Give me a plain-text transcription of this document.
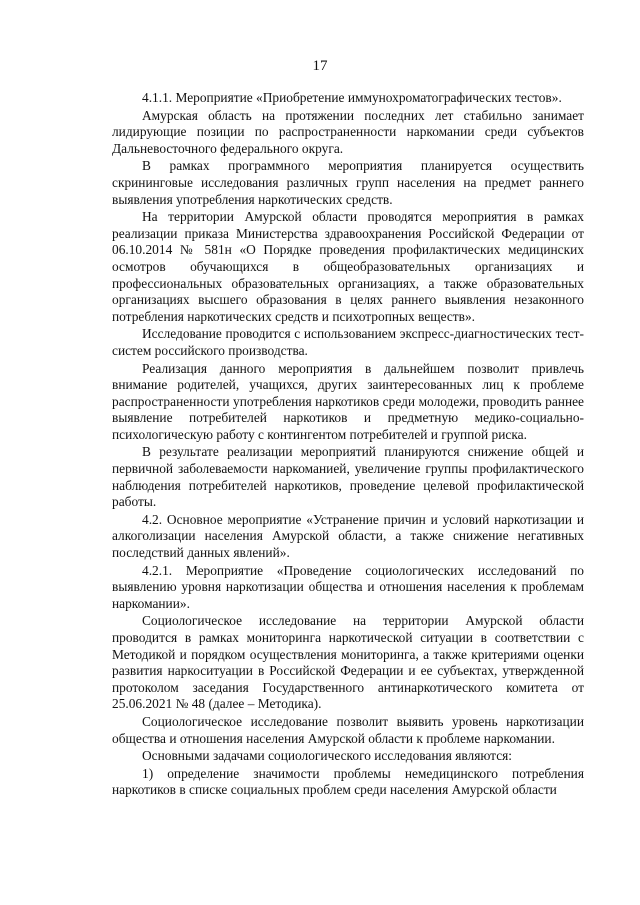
17

4.1.1. Мероприятие «Приобретение иммунохроматографических тестов».

Амурская область на протяжении последних лет стабильно занимает лидирующие позиции по распространенности наркомании среди субъектов Дальневосточного федерального округа.

В рамках программного мероприятия планируется осуществить скрининговые исследования различных групп населения на предмет раннего выявления употребления наркотических средств.

На территории Амурской области проводятся мероприятия в рамках реализации приказа Министерства здравоохранения Российской Федерации от 06.10.2014 № 581н «О Порядке проведения профилактических медицинских осмотров обучающихся в общеобразовательных организациях и профессиональных образовательных организациях, а также образовательных организациях высшего образования в целях раннего выявления незаконного потребления наркотических средств и психотропных веществ».

Исследование проводится с использованием экспресс-диагностических тест-систем российского производства.

Реализация данного мероприятия в дальнейшем позволит привлечь внимание родителей, учащихся, других заинтересованных лиц к проблеме распространенности употребления наркотиков среди молодежи, проводить раннее выявление потребителей наркотиков и предметную медико-социально-психологическую работу с контингентом потребителей и группой риска.

В результате реализации мероприятий планируются снижение общей и первичной заболеваемости наркоманией, увеличение группы профилактического наблюдения потребителей наркотиков, проведение целевой профилактической работы.

4.2. Основное мероприятие «Устранение причин и условий наркотизации и алкоголизации населения Амурской области, а также снижение негативных последствий данных явлений».

4.2.1. Мероприятие «Проведение социологических исследований по выявлению уровня наркотизации общества и отношения населения к проблемам наркомании».

Социологическое исследование на территории Амурской области проводится в рамках мониторинга наркотической ситуации в соответствии с Методикой и порядком осуществления мониторинга, а также критериями оценки развития наркоситуации в Российской Федерации и ее субъектах, утвержденной протоколом заседания Государственного антинаркотического комитета от 25.06.2021 № 48 (далее – Методика).

Социологическое исследование позволит выявить уровень наркотизации общества и отношения населения Амурской области к проблеме наркомании.

Основными задачами социологического исследования являются:

1) определение значимости проблемы немедицинского потребления наркотиков в списке социальных проблем среди населения Амурской области
